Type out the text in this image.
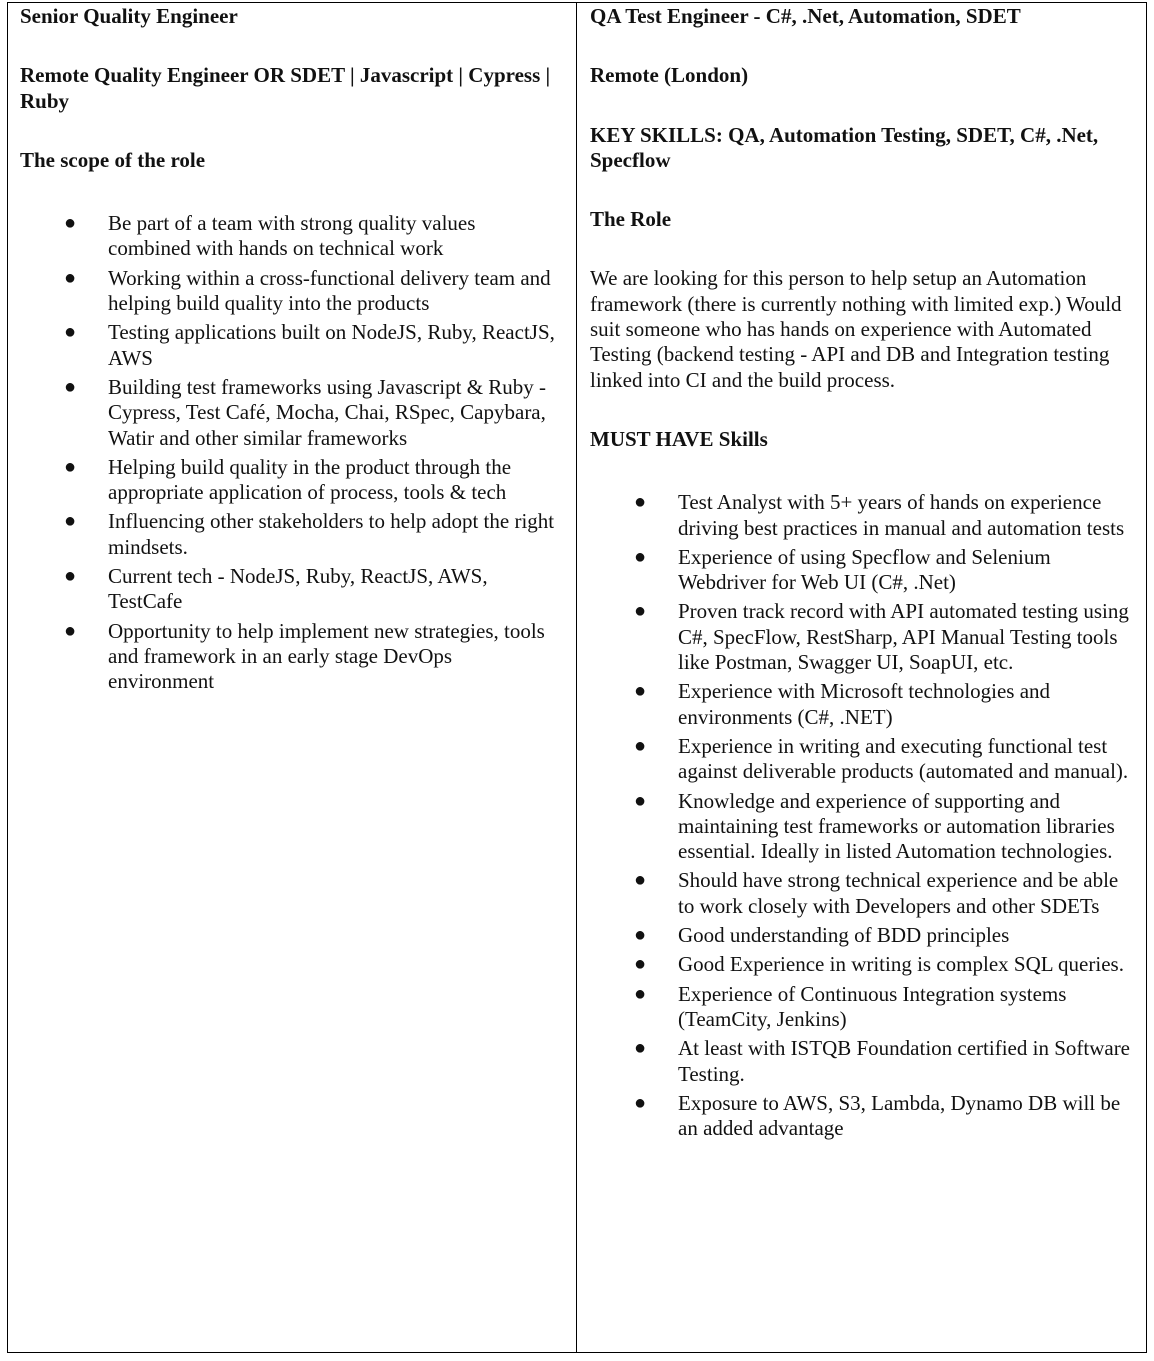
Senior Quality Engineer

Remote Quality Engineer OR SDET | Javascript | Cypress | Ruby

The scope of the role

● Be part of a team with strong quality values combined with hands on technical work
● Working within a cross-functional delivery team and helping build quality into the products
● Testing applications built on NodeJS, Ruby, ReactJS, AWS
● Building test frameworks using Javascript & Ruby - Cypress, Test Café, Mocha, Chai, RSpec, Capybara, Watir and other similar frameworks
● Helping build quality in the product through the appropriate application of process, tools & tech
● Influencing other stakeholders to help adopt the right mindsets.
● Current tech - NodeJS, Ruby, ReactJS, AWS, TestCafe
● Opportunity to help implement new strategies, tools and framework in an early stage DevOps environment

QA Test Engineer - C#, .Net, Automation, SDET

Remote (London)

KEY SKILLS: QA, Automation Testing, SDET, C#, .Net, Specflow

The Role

We are looking for this person to help setup an Automation framework (there is currently nothing with limited exp.) Would suit someone who has hands on experience with Automated Testing (backend testing - API and DB and Integration testing linked into CI and the build process.

MUST HAVE Skills

● Test Analyst with 5+ years of hands on experience driving best practices in manual and automation tests
● Experience of using Specflow and Selenium Webdriver for Web UI (C#, .Net)
● Proven track record with API automated testing using C#, SpecFlow, RestSharp, API Manual Testing tools like Postman, Swagger UI, SoapUI, etc.
● Experience with Microsoft technologies and environments (C#, .NET)
● Experience in writing and executing functional test against deliverable products (automated and manual).
● Knowledge and experience of supporting and maintaining test frameworks or automation libraries essential. Ideally in listed Automation technologies.
● Should have strong technical experience and be able to work closely with Developers and other SDETs
● Good understanding of BDD principles
● Good Experience in writing is complex SQL queries.
● Experience of Continuous Integration systems (TeamCity, Jenkins)
● At least with ISTQB Foundation certified in Software Testing.
● Exposure to AWS, S3, Lambda, Dynamo DB will be an added advantage
